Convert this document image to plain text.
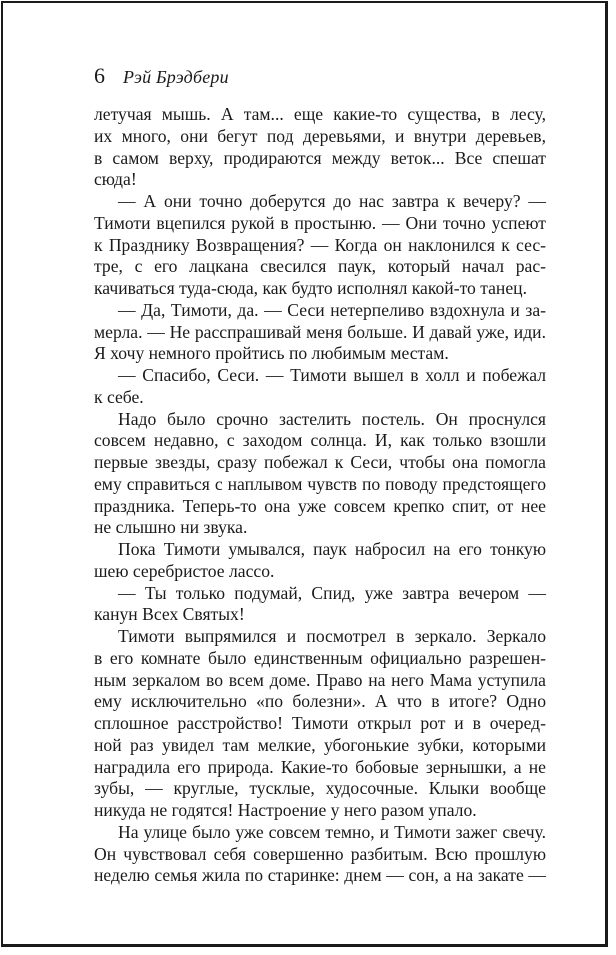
6 Рэй Брэдбери
летучая мышь. А там... еще какие-то существа, в лесу,
их много, они бегут под деревьями, и внутри деревьев,
в самом верху, продираются между веток... Все спешат
сюда!
— А они точно доберутся до нас завтра к вечеру? —
Тимоти вцепился рукой в простыню. — Они точно успеют
к Празднику Возвращения? — Когда он наклонился к сес-
тре, с его лацкана свесился паук, который начал рас-
качиваться туда-сюда, как будто исполнял какой-то танец.
— Да, Тимоти, да. — Сеси нетерпеливо вздохнула и за-
мерла. — Не расспрашивай меня больше. И давай уже, иди.
Я хочу немного пройтись по любимым местам.
— Спасибо, Сеси. — Тимоти вышел в холл и побежал
к себе.
Надо было срочно застелить постель. Он проснулся
совсем недавно, с заходом солнца. И, как только взошли
первые звезды, сразу побежал к Сеси, чтобы она помогла
ему справиться с наплывом чувств по поводу предстоящего
праздника. Теперь-то она уже совсем крепко спит, от нее
не слышно ни звука.
Пока Тимоти умывался, паук набросил на его тонкую
шею серебристое лассо.
— Ты только подумай, Спид, уже завтра вечером —
канун Всех Святых!
Тимоти выпрямился и посмотрел в зеркало. Зеркало
в его комнате было единственным официально разрешен-
ным зеркалом во всем доме. Право на него Мама уступила
ему исключительно «по болезни». А что в итоге? Одно
сплошное расстройство! Тимоти открыл рот и в очеред-
ной раз увидел там мелкие, убогонькие зубки, которыми
наградила его природа. Какие-то бобовые зернышки, а не
зубы, — круглые, тусклые, худосочные. Клыки вообще
никуда не годятся! Настроение у него разом упало.
На улице было уже совсем темно, и Тимоти зажег свечу.
Он чувствовал себя совершенно разбитым. Всю прошлую
неделю семья жила по старинке: днем — сон, а на закате —
